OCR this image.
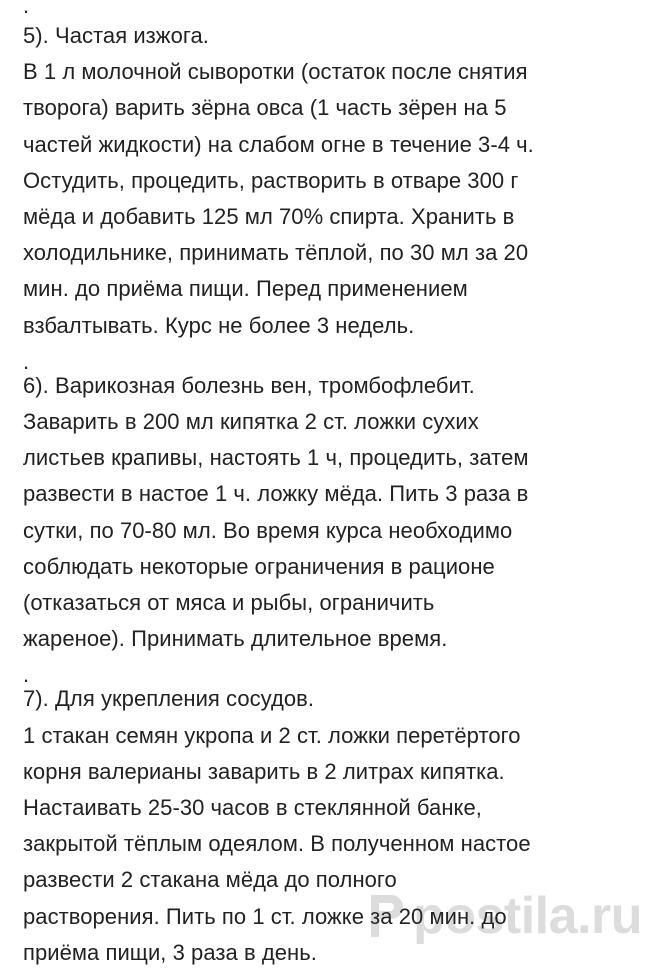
.
5). Частая изжога.
В 1 л молочной сыворотки (остаток после снятия
творога) варить зёрна овса (1 часть зёрен на 5
частей жидкости) на слабом огне в течение 3-4 ч.
Остудить, процедить, растворить в отваре 300 г
мёда и добавить 125 мл 70% спирта. Хранить в
холодильнике, принимать тёплой, по 30 мл за 20
мин. до приёма пищи. Перед применением
взбалтывать. Курс не более 3 недель.
.
6). Варикозная болезнь вен, тромбофлебит.
Заварить в 200 мл кипятка 2 ст. ложки сухих
листьев крапивы, настоять 1 ч, процедить, затем
развести в настое 1 ч. ложку мёда. Пить 3 раза в
сутки, по 70-80 мл. Во время курса необходимо
соблюдать некоторые ограничения в рационе
(отказаться от мяса и рыбы, ограничить
жареное). Принимать длительное время.
.
7). Для укрепления сосудов.
1 стакан семян укропа и 2 ст. ложки перетёртого
корня валерианы заварить в 2 литрах кипятка.
Настаивать 25-30 часов в стеклянной банке,
закрытой тёплым одеялом. В полученном настое
развести 2 стакана мёда до полного
растворения. Пить по 1 ст. ложке за 20 мин. до
приёма пищи, 3 раза в день.
postila.ru
